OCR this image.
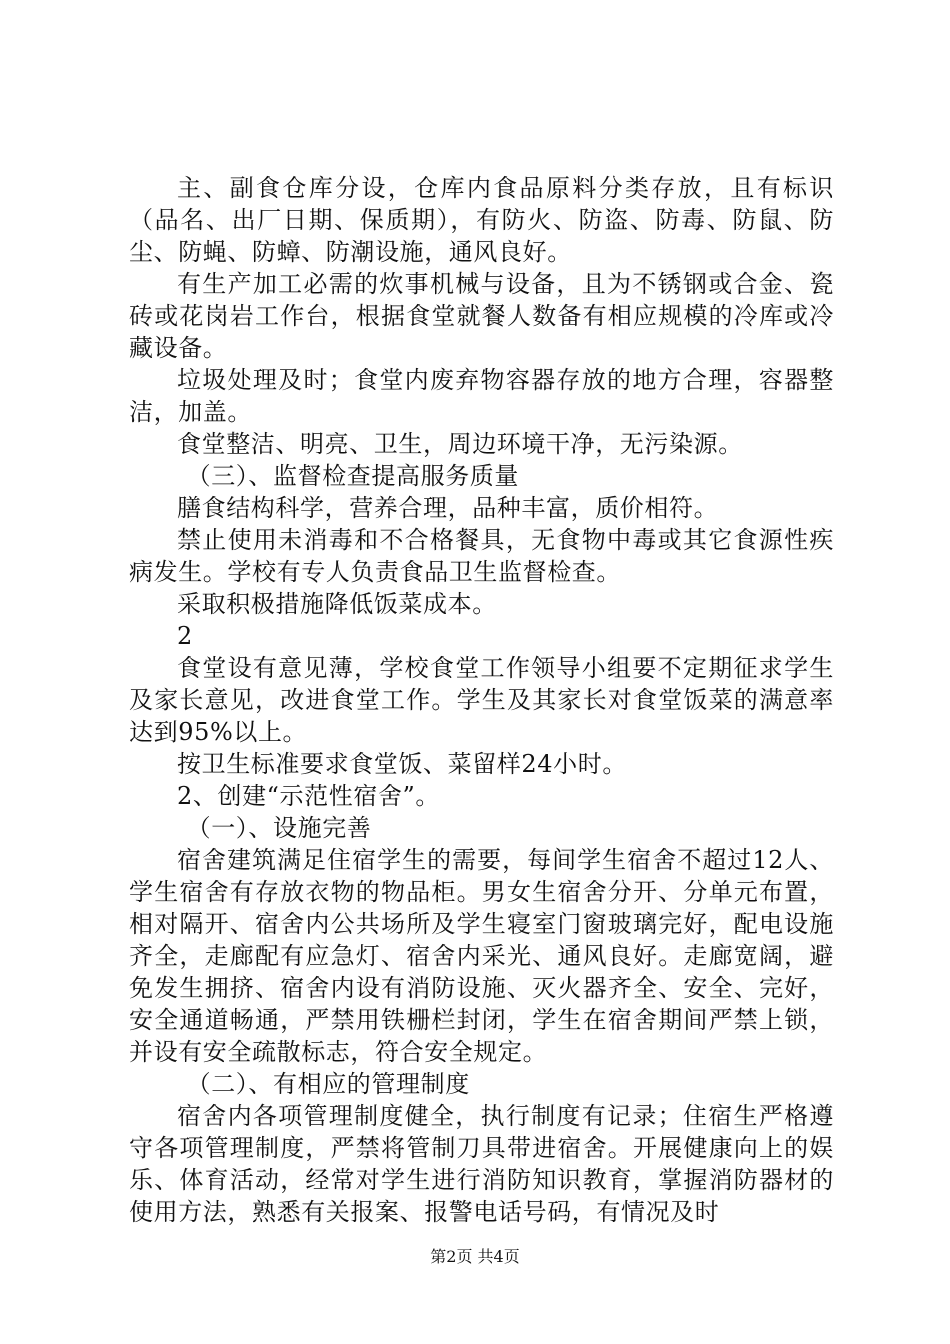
主、副食仓库分设，仓库内食品原料分类存放，且有标识（品名、出厂日期、保质期），有防火、防盗、防毒、防鼠、防尘、防蝇、防蟑、防潮设施，通风良好。

有生产加工必需的炊事机械与设备，且为不锈钢或合金、瓷砖或花岗岩工作台，根据食堂就餐人数备有相应规模的冷库或冷藏设备。

垃圾处理及时；食堂内废弃物容器存放的地方合理，容器整洁，加盖。

食堂整洁、明亮、卫生，周边环境干净，无污染源。

（三）、监督检查提高服务质量

膳食结构科学，营养合理，品种丰富，质价相符。

禁止使用未消毒和不合格餐具，无食物中毒或其它食源性疾病发生。学校有专人负责食品卫生监督检查。

采取积极措施降低饭菜成本。

2

食堂设有意见薄，学校食堂工作领导小组要不定期征求学生及家长意见，改进食堂工作。学生及其家长对食堂饭菜的满意率达到95%以上。

按卫生标准要求食堂饭、菜留样24小时。

2、创建“示范性宿舍”。

（一）、设施完善

宿舍建筑满足住宿学生的需要，每间学生宿舍不超过12人、学生宿舍有存放衣物的物品柜。男女生宿舍分开、分单元布置，相对隔开、宿舍内公共场所及学生寝室门窗玻璃完好，配电设施齐全，走廊配有应急灯、宿舍内采光、通风良好。走廊宽阔，避免发生拥挤、宿舍内设有消防设施、灭火器齐全、安全、完好，安全通道畅通，严禁用铁栅栏封闭，学生在宿舍期间严禁上锁，并设有安全疏散标志，符合安全规定。

（二）、有相应的管理制度

宿舍内各项管理制度健全，执行制度有记录；住宿生严格遵守各项管理制度，严禁将管制刀具带进宿舍。开展健康向上的娱乐、体育活动，经常对学生进行消防知识教育，掌握消防器材的使用方法，熟悉有关报案、报警电话号码，有情况及时

第2页 共4页
